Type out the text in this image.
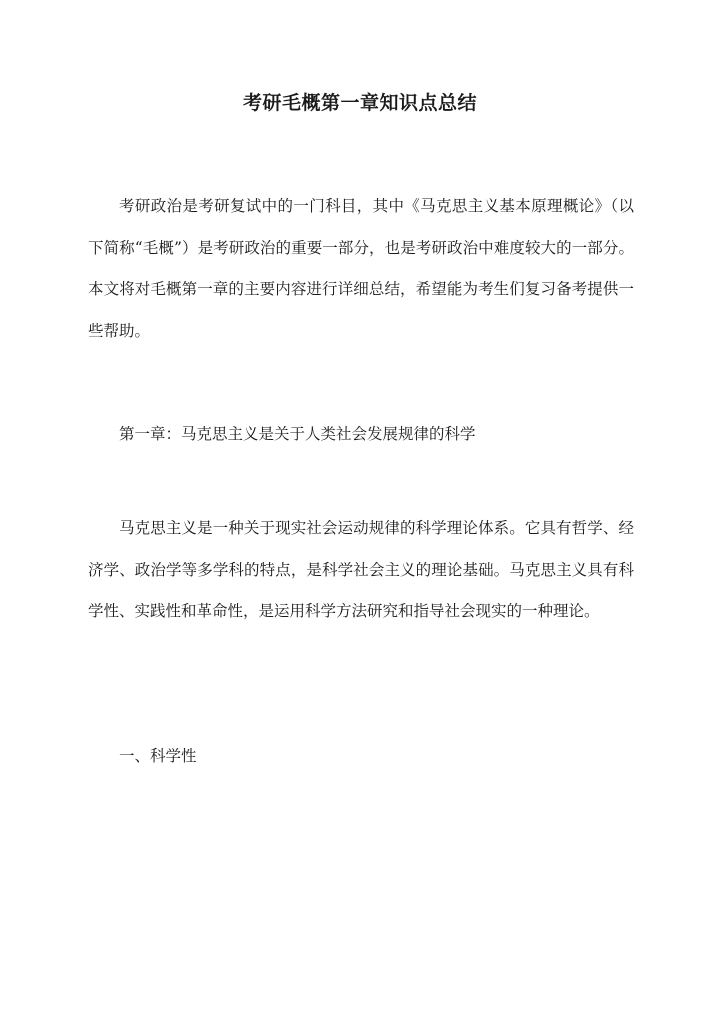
考研毛概第一章知识点总结

考研政治是考研复试中的一门科目，其中《马克思主义基本原理概论》（以下简称“毛概”）是考研政治的重要一部分，也是考研政治中难度较大的一部分。本文将对毛概第一章的主要内容进行详细总结，希望能为考生们复习备考提供一些帮助。

第一章：马克思主义是关于人类社会发展规律的科学

马克思主义是一种关于现实社会运动规律的科学理论体系。它具有哲学、经济学、政治学等多学科的特点，是科学社会主义的理论基础。马克思主义具有科学性、实践性和革命性，是运用科学方法研究和指导社会现实的一种理论。

一、科学性
